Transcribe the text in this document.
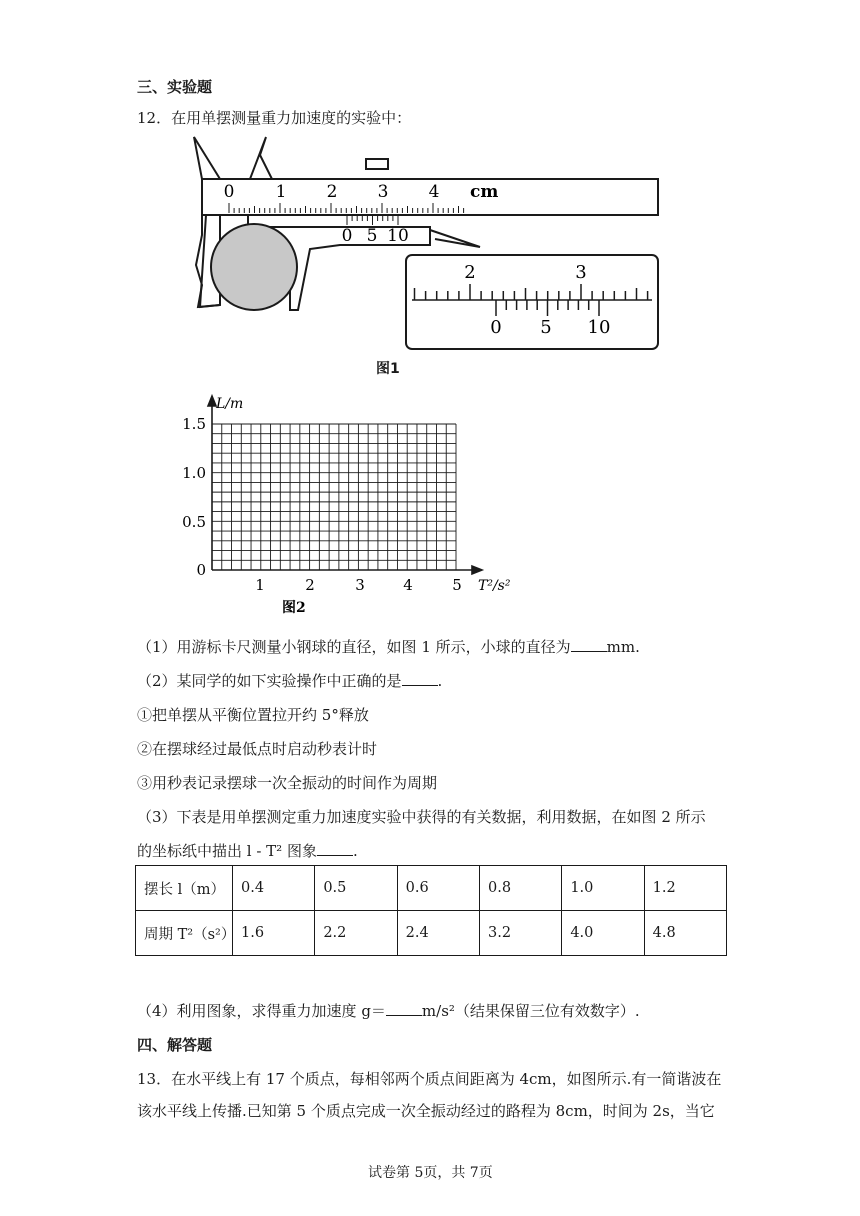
三、实验题
12．在用单摆测量重力加速度的实验中：
0 1 2 3 4 cm
0 5 10
2	3
0 5 10
图1
L/m
0
0.5
1.0
1.5
1	2	3	4	5 T²/s²
图2
（1）用游标卡尺测量小钢球的直径，如图 1 所示，小球的直径为 mm.
（2）某同学的如下实验操作中正确的是 .
①把单摆从平衡位置拉开约 5°释放
②在摆球经过最低点时启动秒表计时
③用秒表记录摆球一次全振动的时间作为周期
（3）下表是用单摆测定重力加速度实验中获得的有关数据，利用数据，在如图 2 所示
的坐标纸中描出 l - T² 图象 .
摆长 l（m）	0.4	0.5	0.6	0.8	1.0	1.2
周期 T²（s²）	1.6	2.2	2.4	3.2	4.0	4.8
（4）利用图象，求得重力加速度 g＝ m/s²（结果保留三位有效数字）.
四、解答题
13．在水平线上有 17 个质点，每相邻两个质点间距离为 4cm，如图所示.有一简谐波在
该水平线上传播.已知第 5 个质点完成一次全振动经过的路程为 8cm，时间为 2s，当它
试卷第 5页，共 7页
